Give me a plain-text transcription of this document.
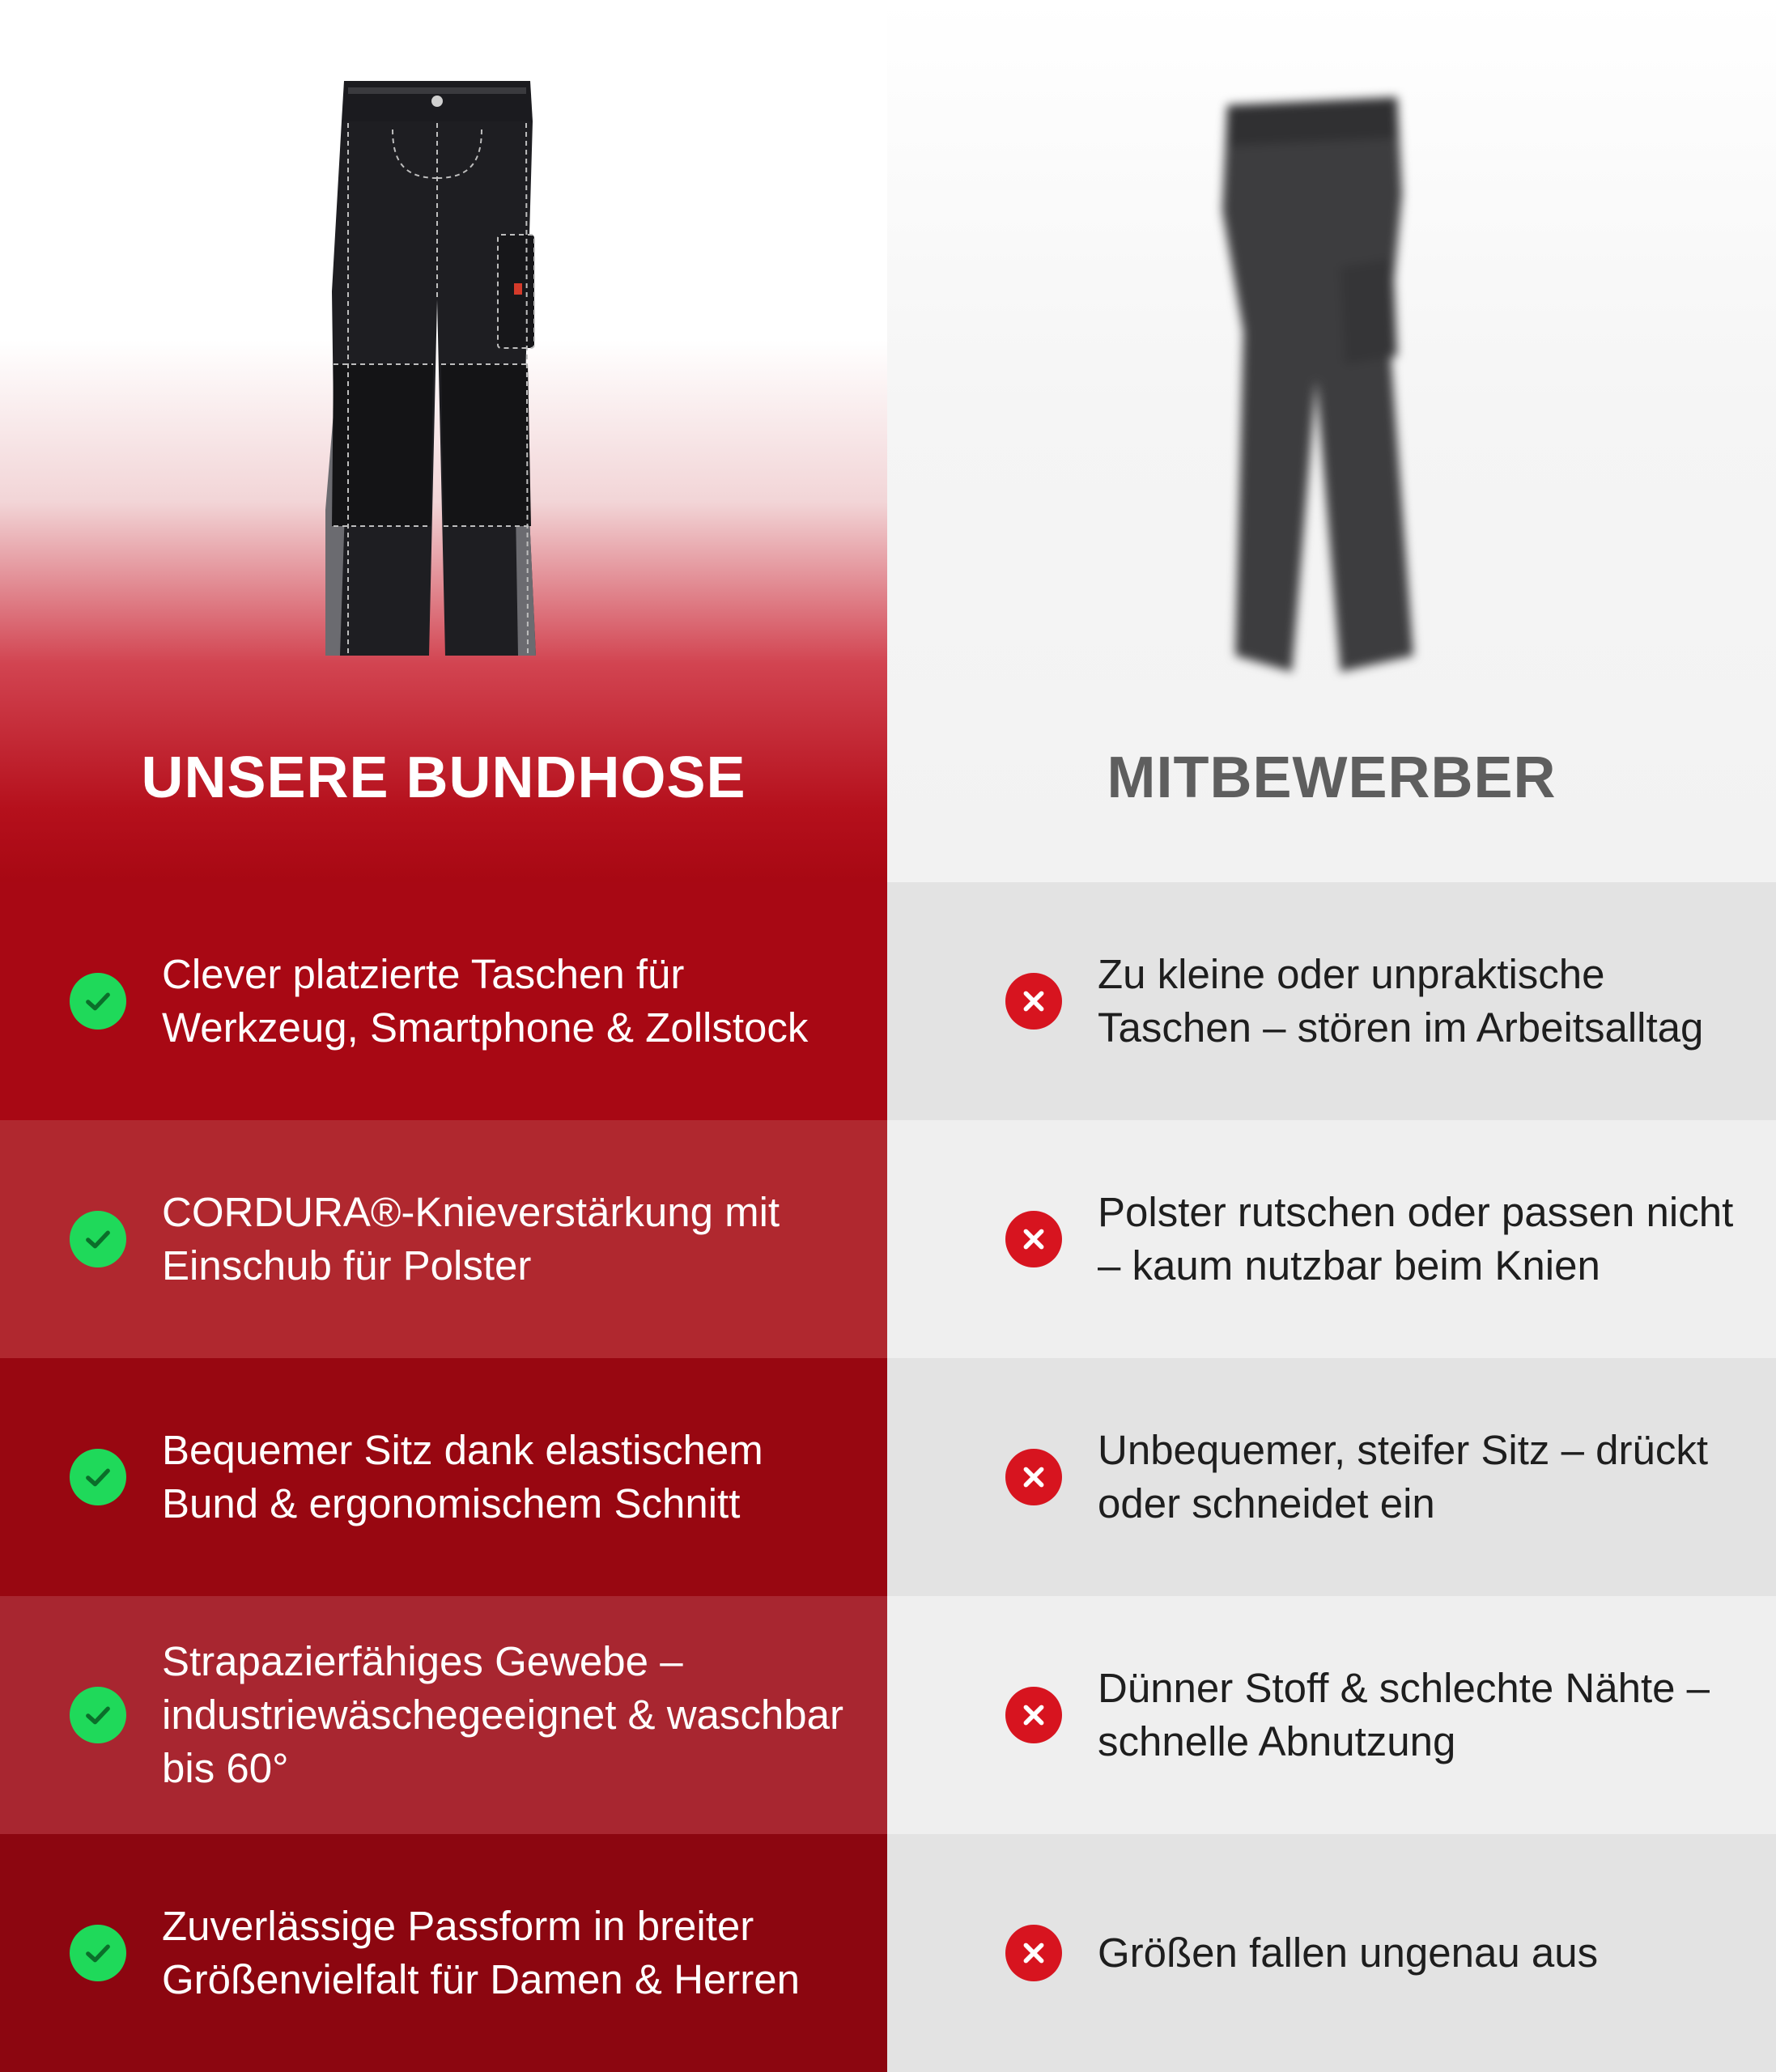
UNSERE BUNDHOSE
Clever platzierte Taschen für Werkzeug, Smartphone & Zollstock
CORDURA®-Knieverstärkung mit Einschub für Polster
Bequemer Sitz dank elastischem Bund & ergonomischem Schnitt
Strapazierfähiges Gewebe – industriewäschegeeignet & waschbar bis 60°
Zuverlässige Passform in breiter Größenvielfalt für Damen & Herren
MITBEWERBER
Zu kleine oder unpraktische Taschen – stören im Arbeitsalltag
Polster rutschen oder passen nicht – kaum nutzbar beim Knien
Unbequemer, steifer Sitz – drückt oder schneidet ein
Dünner Stoff & schlechte Nähte – schnelle Abnutzung
Größen fallen ungenau aus
